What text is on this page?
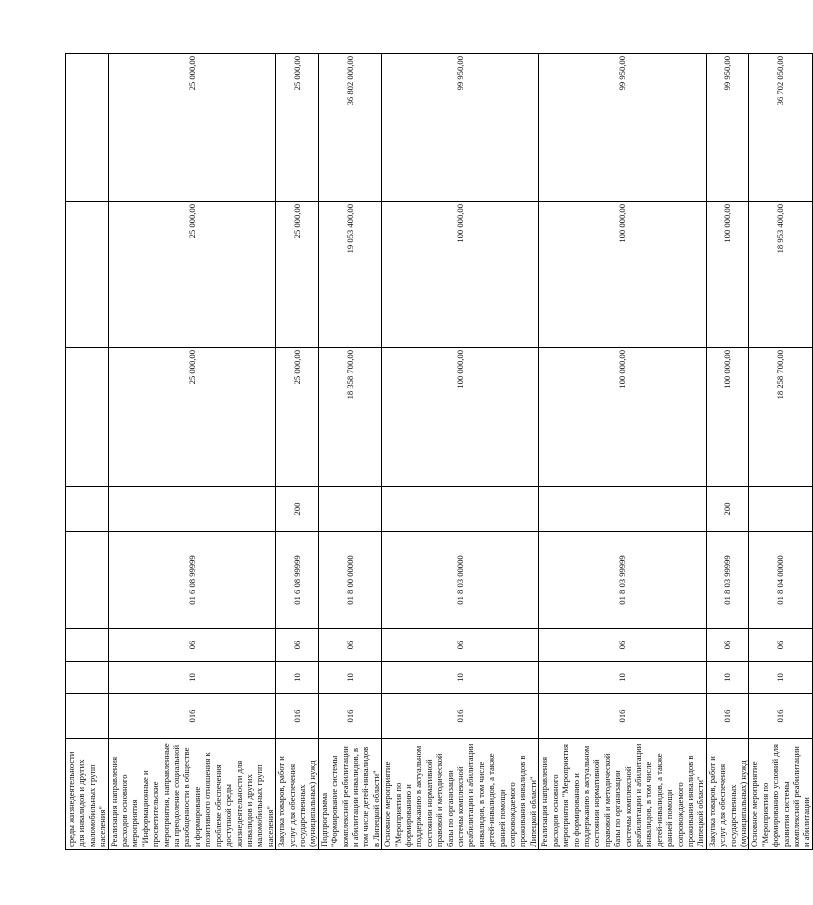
среды жизнедеятельности для инвалидов и других маломобильных групп населения"								
Реализация направления расходов основного мероприятия "Информационные и просветительские мероприятия, направленные на преодоление социальной разобщенности в обществе и формирование позитивного отношения к проблеме обеспечения доступной среды жизнедеятельности для инвалидов и других маломобильных групп населения"	016	10	06	01 6 08 99999		25 000,00	25 000,00	25 000,00
Закупка товаров, работ и услуг для обеспечения государственных (муниципальных) нужд	016	10	06	01 6 08 99999	200	25 000,00	25 000,00	25 000,00
Подпрограмма "Формирование системы комплексной реабилитации и абилитации инвалидов, в том числе детей-инвалидов в Липецкой области"	016	10	06	01 8 00 00000		18 358 700,00	19 053 400,00	36 802 000,00
Основное мероприятие "Мероприятия по формированию и поддержанию в актуальном состоянии нормативной правовой и методической базы по организации системы комплексной реабилитации и абилитации инвалидов, в том числе детей-инвалидов, а также ранней помощи сопровождаемого проживания инвалидов в Липецкой области"	016	10	06	01 8 03 00000		100 000,00	100 000,00	99 950,00
Реализация направления расходов основного мероприятия "Мероприятия по формированию и поддержанию в актуальном состоянии нормативной правовой и методической базы по организации системы комплексной реабилитации и абилитации инвалидов, в том числе детей-инвалидов, а также ранней помощи сопровождаемого проживания инвалидов в Липецкой области"	016	10	06	01 8 03 99999		100 000,00	100 000,00	99 950,00
Закупка товаров, работ и услуг для обеспечения государственных (муниципальных) нужд	016	10	06	01 8 03 99999	200	100 000,00	100 000,00	99 950,00
Основное мероприятие "Мероприятия по формированию условий для развития системы комплексной реабилитации и абилитации	016	10	06	01 8 04 00000		18 258 700,00	18 953 400,00	36 702 050,00
